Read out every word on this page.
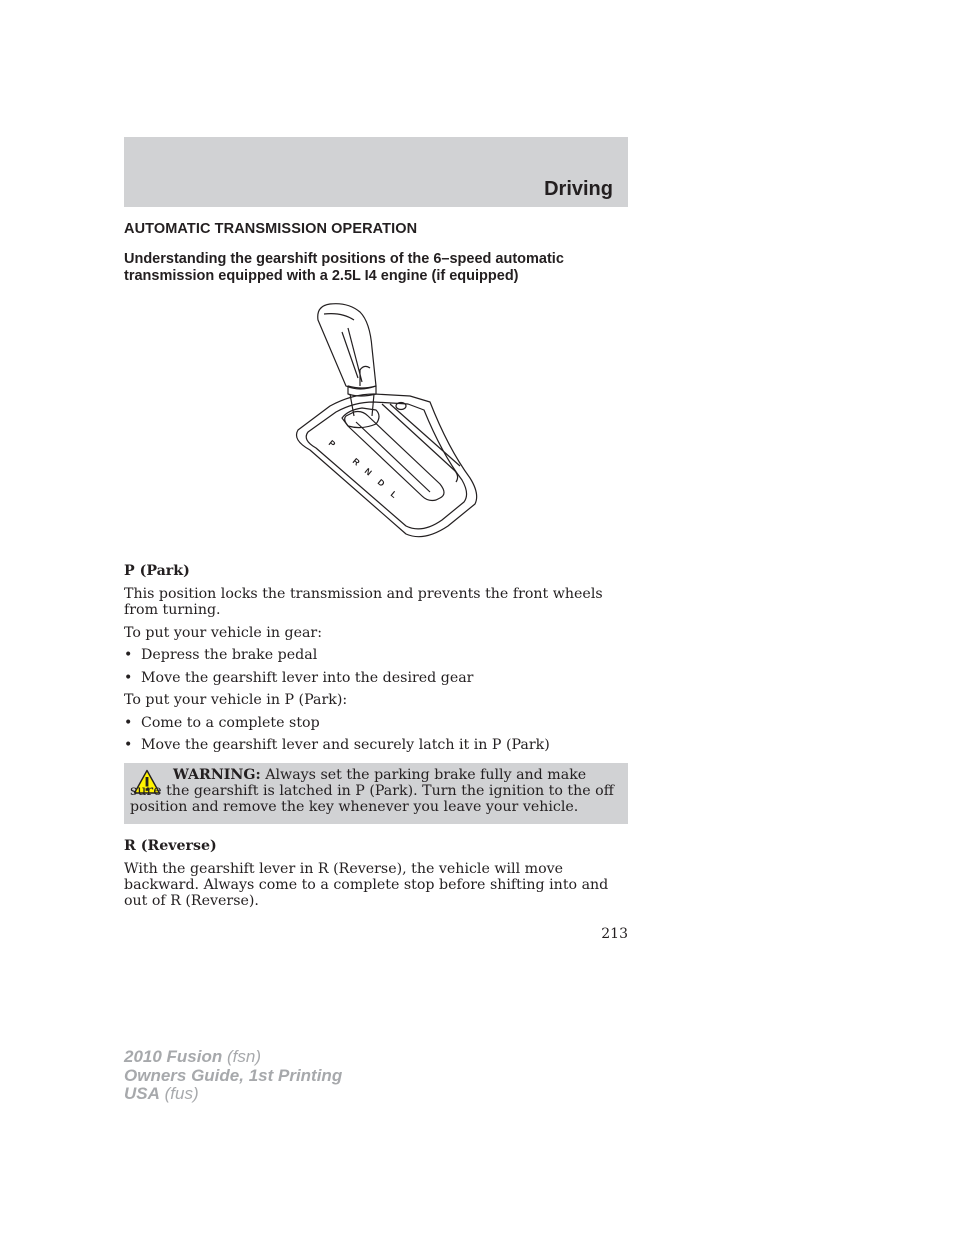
Driving
AUTOMATIC TRANSMISSION OPERATION
Understanding the gearshift positions of the 6–speed automatic transmission equipped with a 2.5L I4 engine (if equipped)
P
R
N
D
L
P (Park)
This position locks the transmission and prevents the front wheels from turning.
To put your vehicle in gear:
• Depress the brake pedal
• Move the gearshift lever into the desired gear
To put your vehicle in P (Park):
• Come to a complete stop
• Move the gearshift lever and securely latch it in P (Park)
WARNING: Always set the parking brake fully and make sure the gearshift is latched in P (Park). Turn the ignition to the off position and remove the key whenever you leave your vehicle.
R (Reverse)
With the gearshift lever in R (Reverse), the vehicle will move backward. Always come to a complete stop before shifting into and out of R (Reverse).
213
2010 Fusion (fsn)
Owners Guide, 1st Printing
USA (fus)
